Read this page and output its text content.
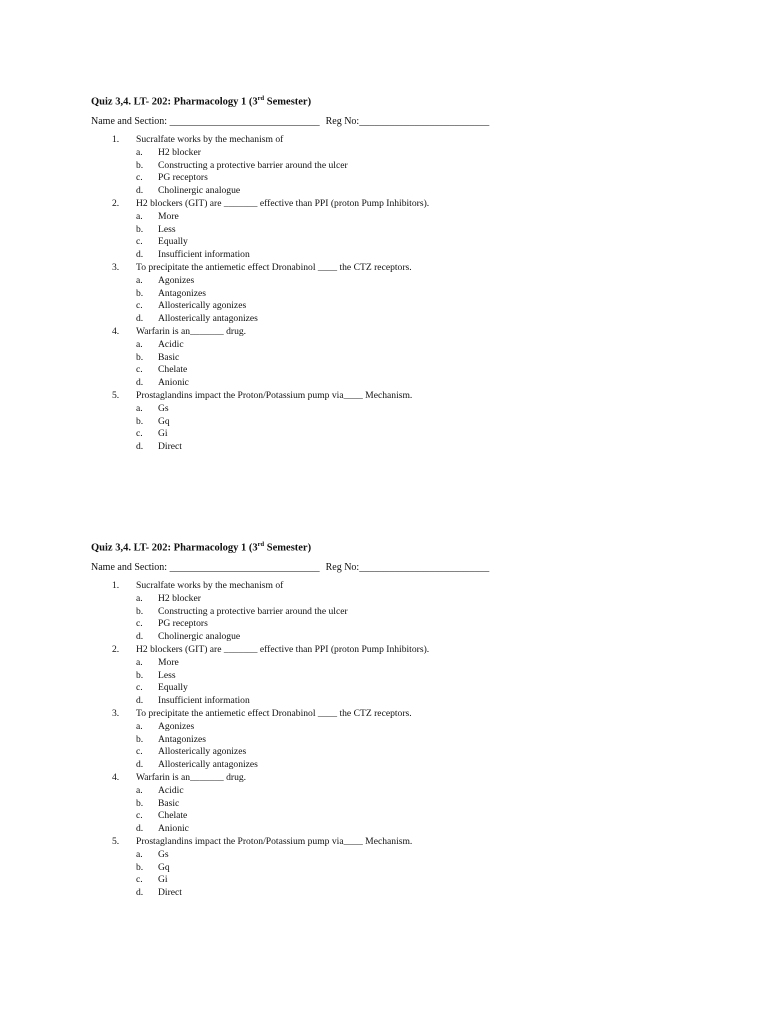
Quiz 3,4. LT- 202: Pharmacology 1 (3rd Semester)
Name and Section: ______________________________ Reg No:__________________________
1. Sucralfate works by the mechanism of
a. H2 blocker
b. Constructing a protective barrier around the ulcer
c. PG receptors
d. Cholinergic analogue
2. H2 blockers (GIT) are _______ effective than PPI (proton Pump Inhibitors).
a. More
b. Less
c. Equally
d. Insufficient information
3. To precipitate the antiemetic effect Dronabinol ____ the CTZ receptors.
a. Agonizes
b. Antagonizes
c. Allosterically agonizes
d. Allosterically antagonizes
4. Warfarin is an_______ drug.
a. Acidic
b. Basic
c. Chelate
d. Anionic
5. Prostaglandins impact the Proton/Potassium pump via____ Mechanism.
a. Gs
b. Gq
c. Gi
d. Direct
Quiz 3,4. LT- 202: Pharmacology 1 (3rd Semester)
Name and Section: ______________________________ Reg No:__________________________
1. Sucralfate works by the mechanism of
a. H2 blocker
b. Constructing a protective barrier around the ulcer
c. PG receptors
d. Cholinergic analogue
2. H2 blockers (GIT) are _______ effective than PPI (proton Pump Inhibitors).
a. More
b. Less
c. Equally
d. Insufficient information
3. To precipitate the antiemetic effect Dronabinol ____ the CTZ receptors.
a. Agonizes
b. Antagonizes
c. Allosterically agonizes
d. Allosterically antagonizes
4. Warfarin is an_______ drug.
a. Acidic
b. Basic
c. Chelate
d. Anionic
5. Prostaglandins impact the Proton/Potassium pump via____ Mechanism.
a. Gs
b. Gq
c. Gi
d. Direct
